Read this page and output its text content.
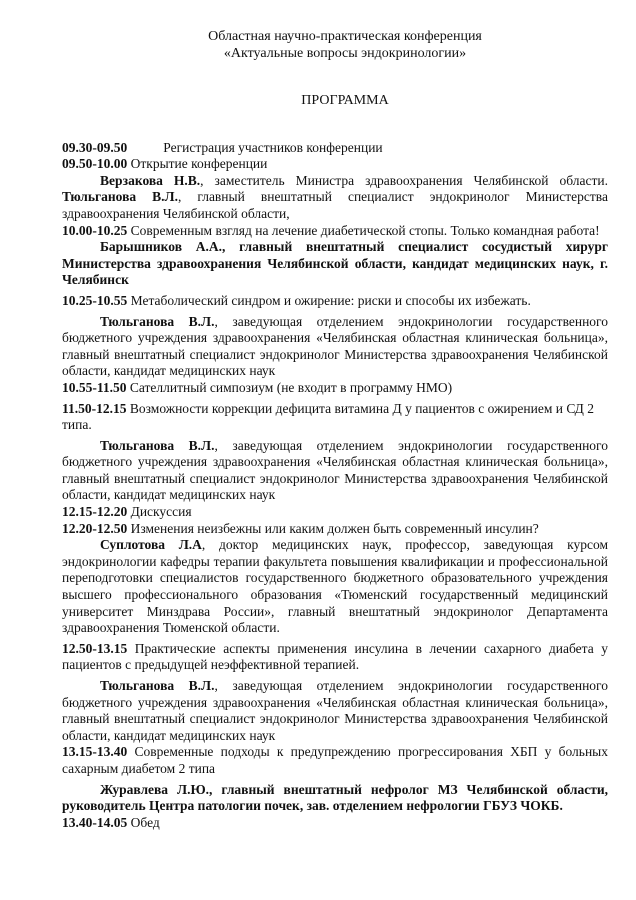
Областная научно-практическая конференция
«Актуальные вопросы эндокринологии»
ПРОГРАММА
09.30-09.50	Регистрация участников конференции
09.50-10.00 Открытие конференции
Верзакова Н.В., заместитель Министра здравоохранения Челябинской области. Тюльганова В.Л., главный внештатный специалист эндокринолог Министерства здравоохранения Челябинской области,
10.00-10.25 Современным взгляд на лечение диабетической стопы. Только командная работа!
Барышников А.А., главный внештатный специалист сосудистый хирург Министерства здравоохранения Челябинской области, кандидат медицинских наук, г. Челябинск
10.25-10.55 Метаболический синдром и ожирение: риски и способы их избежать.
Тюльганова В.Л., заведующая отделением эндокринологии государственного бюджетного учреждения здравоохранения «Челябинская областная клиническая больница», главный внештатный специалист эндокринолог Министерства здравоохранения Челябинской области, кандидат медицинских наук
10.55-11.50 Сателлитный симпозиум (не входит в программу НМО)
11.50-12.15 Возможности коррекции дефицита витамина Д у пациентов с ожирением и СД 2 типа.
Тюльганова В.Л., заведующая отделением эндокринологии государственного бюджетного учреждения здравоохранения «Челябинская областная клиническая больница», главный внештатный специалист эндокринолог Министерства здравоохранения Челябинской области, кандидат медицинских наук
12.15-12.20 Дискуссия
12.20-12.50 Изменения неизбежны или каким должен быть современный инсулин?
Суплотова Л.А, доктор медицинских наук, профессор, заведующая курсом эндокринологии кафедры терапии факультета повышения квалификации и профессиональной переподготовки специалистов государственного бюджетного образовательного учреждения высшего профессионального образования «Тюменский государственный медицинский университет Минздрава России», главный внештатный эндокринолог Департамента здравоохранения Тюменской области.
12.50-13.15 Практические аспекты применения инсулина в лечении сахарного диабета у пациентов с предыдущей неэффективной терапией.
Тюльганова В.Л., заведующая отделением эндокринологии государственного бюджетного учреждения здравоохранения «Челябинская областная клиническая больница», главный внештатный специалист эндокринолог Министерства здравоохранения Челябинской области, кандидат медицинских наук
13.15-13.40 Современные подходы к предупреждению прогрессирования ХБП у больных сахарным диабетом 2 типа
Журавлева Л.Ю., главный внештатный нефролог МЗ Челябинской области, руководитель Центра патологии почек, зав. отделением нефрологии ГБУЗ ЧОКБ.
13.40-14.05 Обед
